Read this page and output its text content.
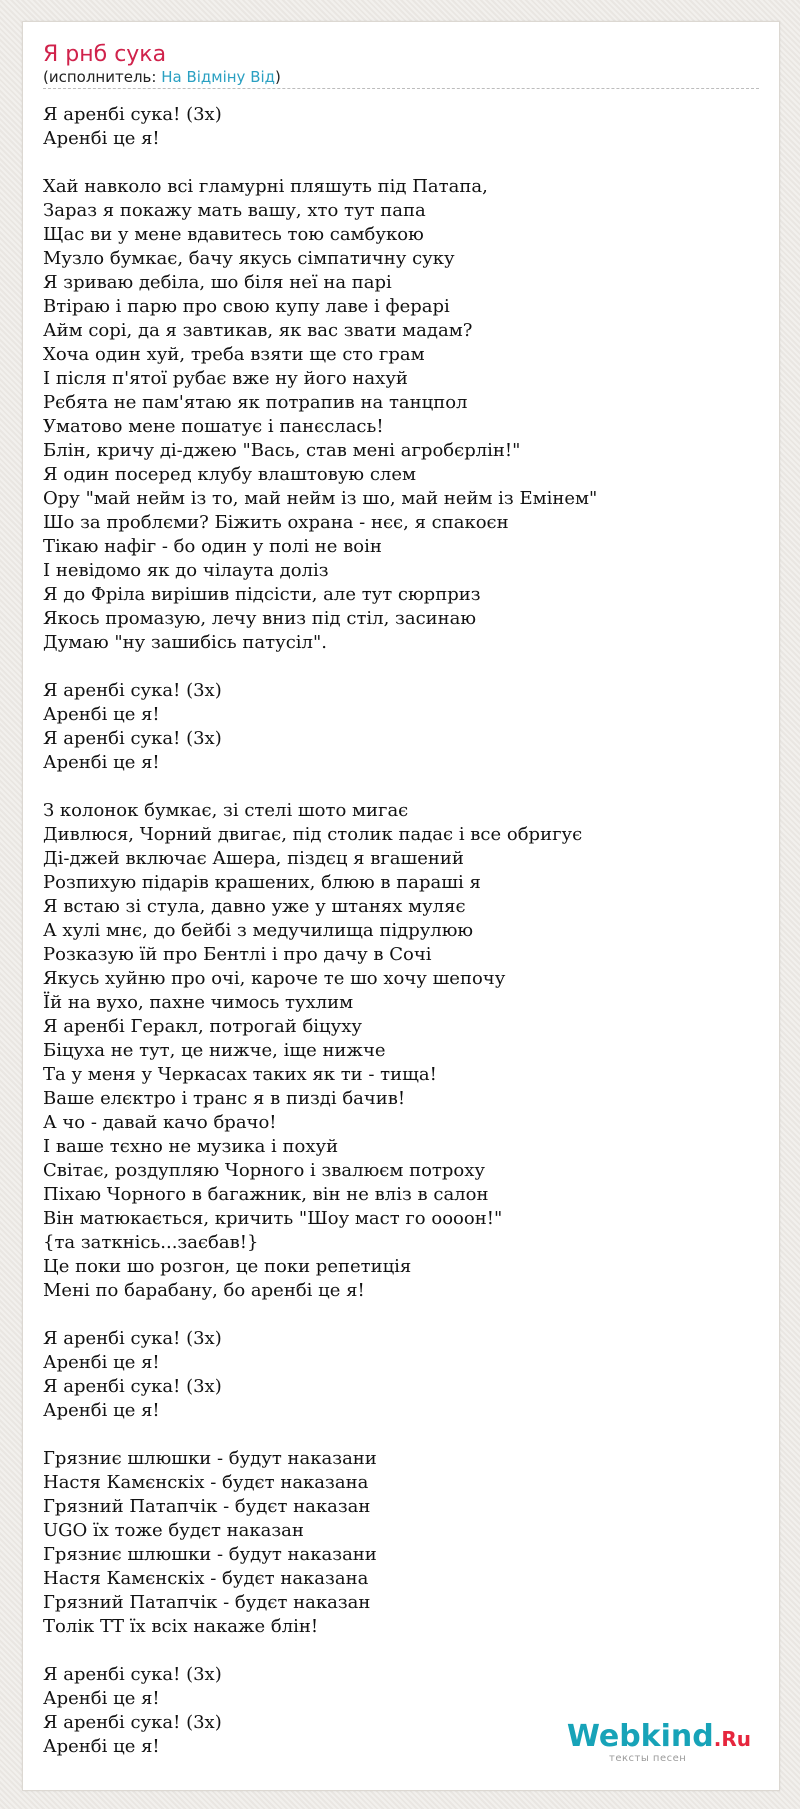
Я рнб сука
(исполнитель: На Відміну Від)
Я аренбі сука! (3х)
Аренбі це я!
Хай навколо всі гламурні пляшуть під Патапа,
Зараз я покажу мать вашу, хто тут папа
Щас ви у мене вдавитесь тою самбукою
Музло бумкає, бачу якусь сімпатичну суку
Я зриваю дебіла, шо біля неї на парі
Втіраю і парю про свою купу лаве і ферарі
Айм сорі, да я завтикав, як вас звати мадам?
Хоча один хуй, треба взяти ще сто грам
І після п'ятої рубає вже ну його нахуй
Рєбята не пам'ятаю як потрапив на танцпол
Уматово мене пошатує і панєслась!
Блін, кричу ді-джею "Вась, став мені агробєрлін!"
Я один посеред клубу влаштовую слем
Ору "май нейм із то, май нейм із шо, май нейм із Емінем"
Шо за проблєми? Біжить охрана - нєє, я спакоєн
Тікаю нафіг - бо один у полі не воін
І невідомо як до чілаута доліз
Я до Фріла вирішив підсісти, але тут сюрприз
Якось промазую, лечу вниз під стіл, засинаю
Думаю "ну зашибісь патусіл".
Я аренбі сука! (3х)
Аренбі це я!
Я аренбі сука! (3х)
Аренбі це я!
З колонок бумкає, зі стелі шото мигає
Дивлюся, Чорний двигає, під столик падає і все обригує
Ді-джей включає Ашера, піздєц я вгашений
Розпихую підарів крашених, блюю в параші я
Я встаю зі стула, давно уже у штанях муляє
А хулі мнє, до бейбі з медучилища підрулюю
Розказую їй про Бентлі і про дачу в Сочі
Якусь хуйню про очі, кароче те шо хочу шепочу
Їй на вухо, пахне чимось тухлим
Я аренбі Геракл, потрогай біцуху
Біцуха не тут, це нижче, іще нижче
Та у меня у Черкасах таких як ти - тища!
Ваше елєктро і транс я в пизді бачив!
А чо - давай качо брачо!
І ваше тєхно не музика і похуй
Світає, роздупляю Чорного і звалюєм потроху
Піхаю Чорного в багажник, він не вліз в салон
Він матюкається, кричить "Шоу маст го оооон!"
{та заткнісь...заєбав!}
Це поки шо розгон, це поки репетиція
Мені по барабану, бо аренбі це я!
Я аренбі сука! (3х)
Аренбі це я!
Я аренбі сука! (3х)
Аренбі це я!
Грязниє шлюшки - будут наказани
Настя Камєнскіх - будєт наказана
Грязний Патапчік - будєт наказан
UGO їх тоже будєт наказан
Грязниє шлюшки - будут наказани
Настя Камєнскіх - будєт наказана
Грязний Патапчік - будєт наказан
Толік ТТ їх всіх накаже блін!
Я аренбі сука! (3х)
Аренбі це я!
Я аренбі сука! (3х)
Аренбі це я!	Webkind.Ru
тексты песен
